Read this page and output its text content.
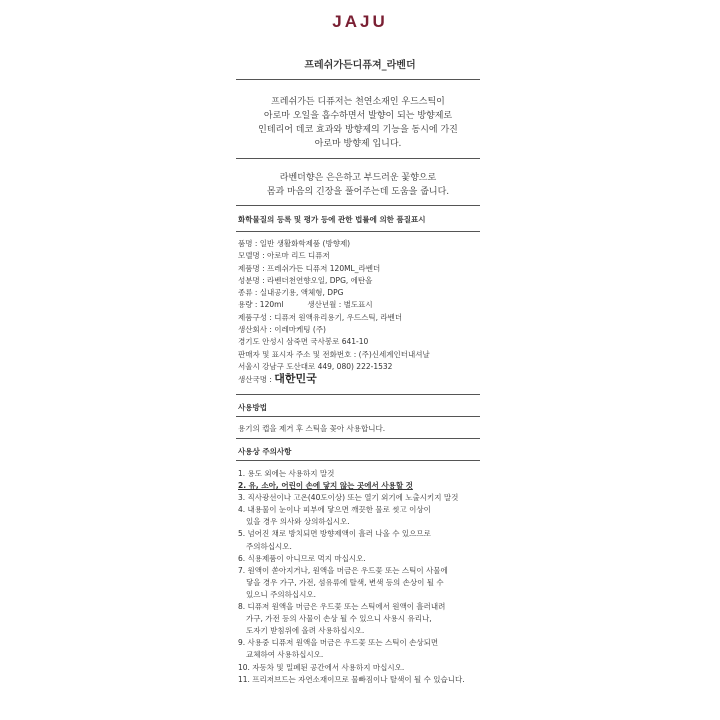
JAJU
프레쉬가든디퓨져_라벤더
프레쉬가든 디퓨저는 천연소재인 우드스틱이
아로마 오일을 흡수하면서 발향이 되는 방향제로
인테리어 데코 효과와 방향제의 기능을 동시에 가진
아로마 방향제 입니다.
라벤더향은 은은하고 부드러운 꽃향으로
몸과 마음의 긴장을 풀어주는데 도움을 줍니다.
화학물질의 등록 및 평가 등에 관한 법률에 의한 품질표시
품명 : 일반 생활화학제품 (방향제)
모델명 : 아로마 리드 디퓨저
제품명 : 프레쉬가든 디퓨저 120ML_라벤더
성분명 : 라벤더천연향오일, DPG, 에탄올
종류 : 실내공기용, 액체형, DPG
용량 : 120ml          생산년월 : 별도표시
제품구성 : 디퓨저 원액유리용기, 우드스틱, 라벤더
생산회사 : 이레마케팅 (주)
경기도 안성시 삼죽면 국사봉로 641-10
판매자 및 표시자 주소 및 전화번호 : (주)신세계인터내셔날
서울시 강남구 도산대로 449, 080) 222-1532
생산국명 : 대한민국
사용방법
용기의 캡을 제거 후 스틱을 꽂아 사용합니다.
사용상 주의사항
1. 용도 외에는 사용하지 말것
2. 유, 소아, 어린이 손에 닿지 않는 곳에서 사용할 것
3. 직사광선이나 고온(40도이상) 또는 열기 외기에 노출시키지 말것
4. 내용물이 눈이나 피부에 닿으면 깨끗한 물로 씻고 이상이
있을 경우 의사와 상의하십시오.
5. 넘어진 채로 방치되면 방향제액이 흘러 나올 수 있으므로
주의하십시오.
6. 식용제품이 아니므로 먹지 마십시오.
7. 원액이 쏟아지거나, 원액을 머금은 우드꽃 또는 스틱이 사물에
닿을 경우 가구, 가전, 섬유류에 탈색, 변색 등의 손상이 될 수
있으니 주의하십시오.
8. 디퓨저 원액을 머금은 우드꽃 또는 스틱에서 원액이 흘러내려
가구, 가전 등의 사물이 손상 될 수 있으니 사용시 유리나,
도자기 받침위에 올려 사용하십시오.
9. 사용중 디퓨저 원액을 머금은 우드꽃 또는 스틱이 손상되면
교체하여 사용하십시오.
10. 자동차 및 밀폐된 공간에서 사용하지 마십시오.
11. 프리저브드는 자연소재이므로 물빠짐이나 탈색이 될 수 있습니다.
